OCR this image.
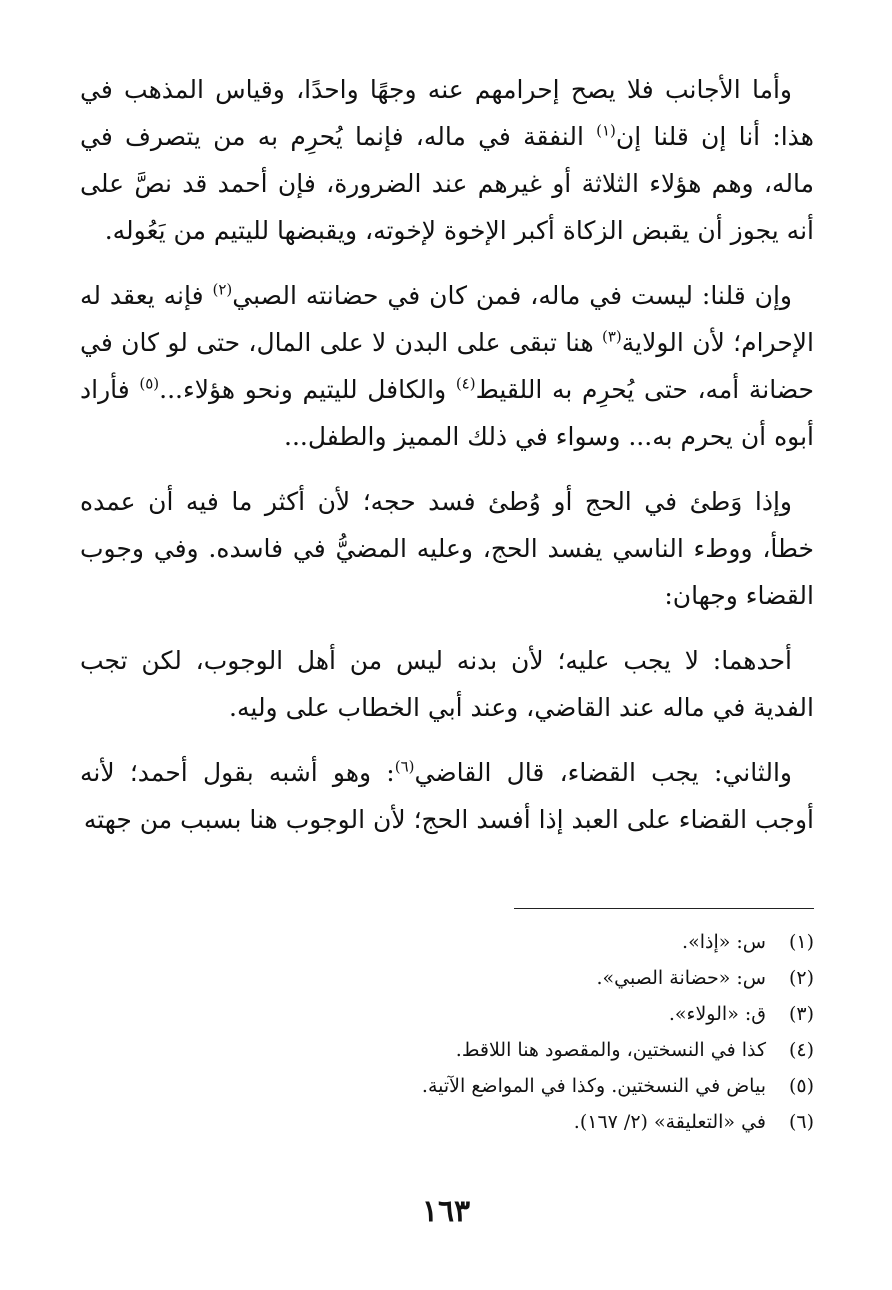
وأما الأجانب فلا يصح إحرامهم عنه وجهًا واحدًا، وقياس المذهب في هذا: أنا إن قلنا إن$^{(١)}$ النفقة في ماله، فإنما يُحرِم به من يتصرف في ماله، وهم هؤلاء الثلاثة أو غيرهم عند الضرورة، فإن أحمد قد نصَّ على أنه يجوز أن يقبض الزكاة أكبر الإخوة لإخوته، ويقبضها لليتيم من يَعُوله.

وإن قلنا: ليست في ماله، فمن كان في حضانته الصبي$^{(٢)}$ فإنه يعقد له الإحرام؛ لأن الولاية$^{(٣)}$ هنا تبقى على البدن لا على المال، حتى لو كان في حضانة أمه، حتى يُحرِم به اللقيط$^{(٤)}$ والكافل لليتيم ونحو هؤلاء...$^{(٥)}$ فأراد أبوه أن يحرم به... وسواء في ذلك المميز والطفل...

وإذا وَطئ في الحج أو وُطئ فسد حجه؛ لأن أكثر ما فيه أن عمده خطأ، ووطء الناسي يفسد الحج، وعليه المضيُّ في فاسده. وفي وجوب القضاء وجهان:

أحدهما: لا يجب عليه؛ لأن بدنه ليس من أهل الوجوب، لكن تجب الفدية في ماله عند القاضي، وعند أبي الخطاب على وليه.

والثاني: يجب القضاء، قال القاضي$^{(٦)}$: وهو أشبه بقول أحمد؛ لأنه أوجب القضاء على العبد إذا أفسد الحج؛ لأن الوجوب هنا بسبب من جهته

(١)
س: «إذا».
(٢)
س: «حضانة الصبي».
(٣)
ق: «الولاء».
(٤)
كذا في النسختين، والمقصود هنا اللاقط.
(٥)
بياض في النسختين. وكذا في المواضع الآتية.
(٦)
في «التعليقة» (٢/ ١٦٧).
١٦٣
